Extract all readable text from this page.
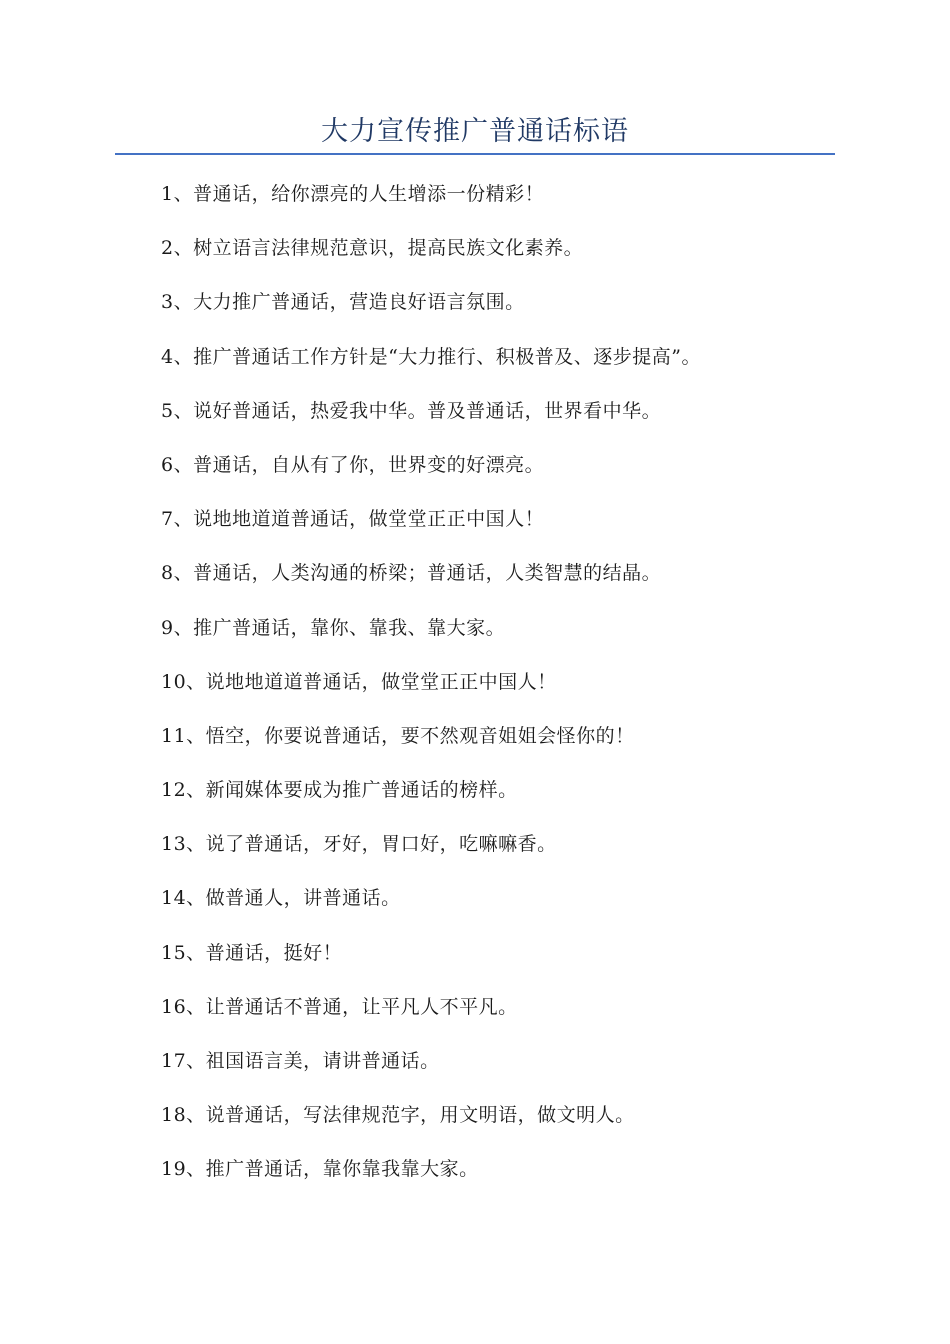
大力宣传推广普通话标语
1、普通话，给你漂亮的人生增添一份精彩！
2、树立语言法律规范意识，提高民族文化素养。
3、大力推广普通话，营造良好语言氛围。
4、推广普通话工作方针是“大力推行、积极普及、逐步提高”。
5、说好普通话，热爱我中华。普及普通话，世界看中华。
6、普通话，自从有了你，世界变的好漂亮。
7、说地地道道普通话，做堂堂正正中国人！
8、普通话，人类沟通的桥梁；普通话，人类智慧的结晶。
9、推广普通话，靠你、靠我、靠大家。
10、说地地道道普通话，做堂堂正正中国人！
11、悟空，你要说普通话，要不然观音姐姐会怪你的！
12、新闻媒体要成为推广普通话的榜样。
13、说了普通话，牙好，胃口好，吃嘛嘛香。
14、做普通人，讲普通话。
15、普通话，挺好！
16、让普通话不普通，让平凡人不平凡。
17、祖国语言美，请讲普通话。
18、说普通话，写法律规范字，用文明语，做文明人。
19、推广普通话，靠你靠我靠大家。
